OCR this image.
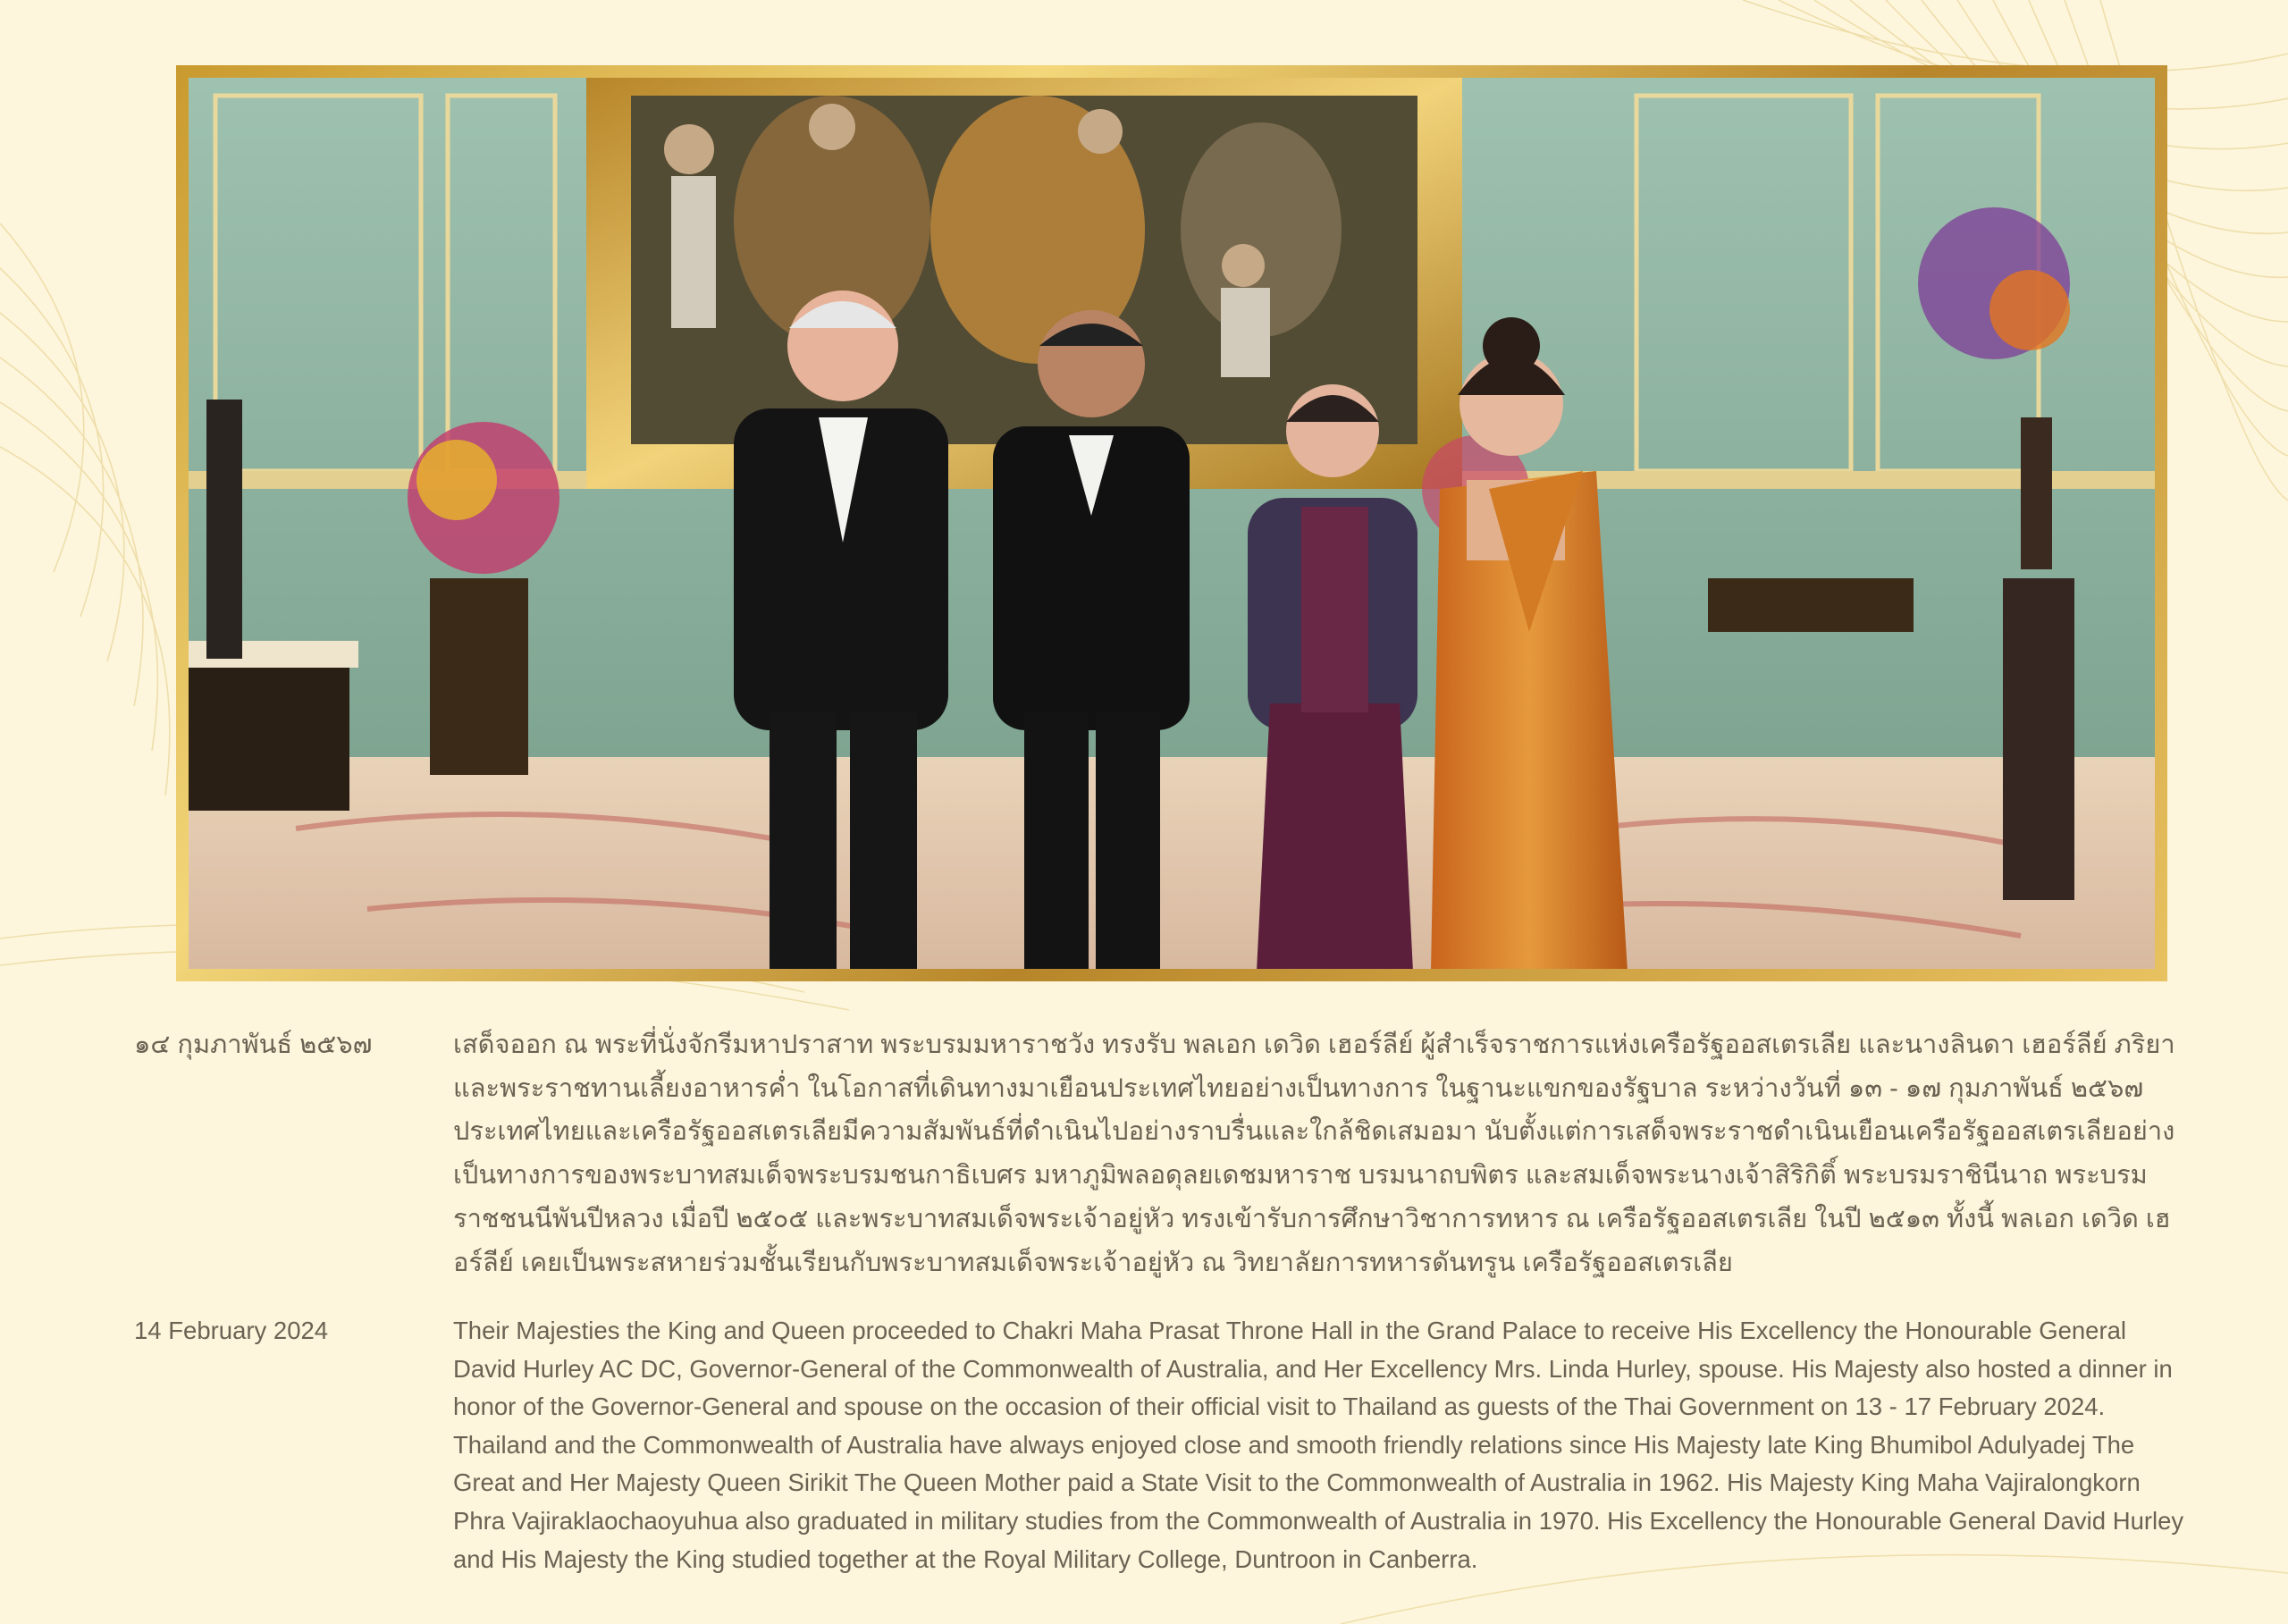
๑๔ กุมภาพันธ์ ๒๕๖๗	เสด็จออก ณ พระที่นั่งจักรีมหาปราสาท พระบรมมหาราชวัง ทรงรับ พลเอก เดวิด เฮอร์ลีย์ ผู้สำเร็จราชการแห่งเครือรัฐออสเตรเลีย และนางลินดา เฮอร์ลีย์ ภริยา และพระราชทานเลี้ยงอาหารค่ำ ในโอกาสที่เดินทางมาเยือนประเทศไทยอย่างเป็นทางการ ในฐานะแขกของรัฐบาล ระหว่างวันที่ ๑๓ - ๑๗ กุมภาพันธ์ ๒๕๖๗ ประเทศไทยและเครือรัฐออสเตรเลียมีความสัมพันธ์ที่ดำเนินไปอย่างราบรื่นและใกล้ชิดเสมอมา นับตั้งแต่การเสด็จพระราชดำเนินเยือนเครือรัฐออสเตรเลียอย่างเป็นทางการของพระบาทสมเด็จพระบรมชนกาธิเบศร มหาภูมิพลอดุลยเดชมหาราช บรมนาถบพิตร และสมเด็จพระนางเจ้าสิริกิติ์ พระบรมราชินีนาถ พระบรมราชชนนีพันปีหลวง เมื่อปี ๒๕๐๕ และพระบาทสมเด็จพระเจ้าอยู่หัว ทรงเข้ารับการศึกษาวิชาการทหาร ณ เครือรัฐออสเตรเลีย ในปี ๒๕๑๓ ทั้งนี้ พลเอก เดวิด เฮอร์ลีย์ เคยเป็นพระสหายร่วมชั้นเรียนกับพระบาทสมเด็จพระเจ้าอยู่หัว ณ วิทยาลัยการทหารดันทรูน เครือรัฐออสเตรเลีย
14 February 2024	Their Majesties the King and Queen proceeded to Chakri Maha Prasat Throne Hall in the Grand Palace to receive His Excellency the Honourable General David Hurley AC DC, Governor-General of the Commonwealth of Australia, and Her Excellency Mrs. Linda Hurley, spouse. His Majesty also hosted a dinner in honor of the Governor-General and spouse on the occasion of their official visit to Thailand as guests of the Thai Government on 13 - 17 February 2024. Thailand and the Commonwealth of Australia have always enjoyed close and smooth friendly relations since His Majesty late King Bhumibol Adulyadej The Great and Her Majesty Queen Sirikit The Queen Mother paid a State Visit to the Commonwealth of Australia in 1962. His Majesty King Maha Vajiralongkorn Phra Vajiraklaochaoyuhua also graduated in military studies from the Commonwealth of Australia in 1970. His Excellency the Honourable General David Hurley and His Majesty the King studied together at the Royal Military College, Duntroon in Canberra.
